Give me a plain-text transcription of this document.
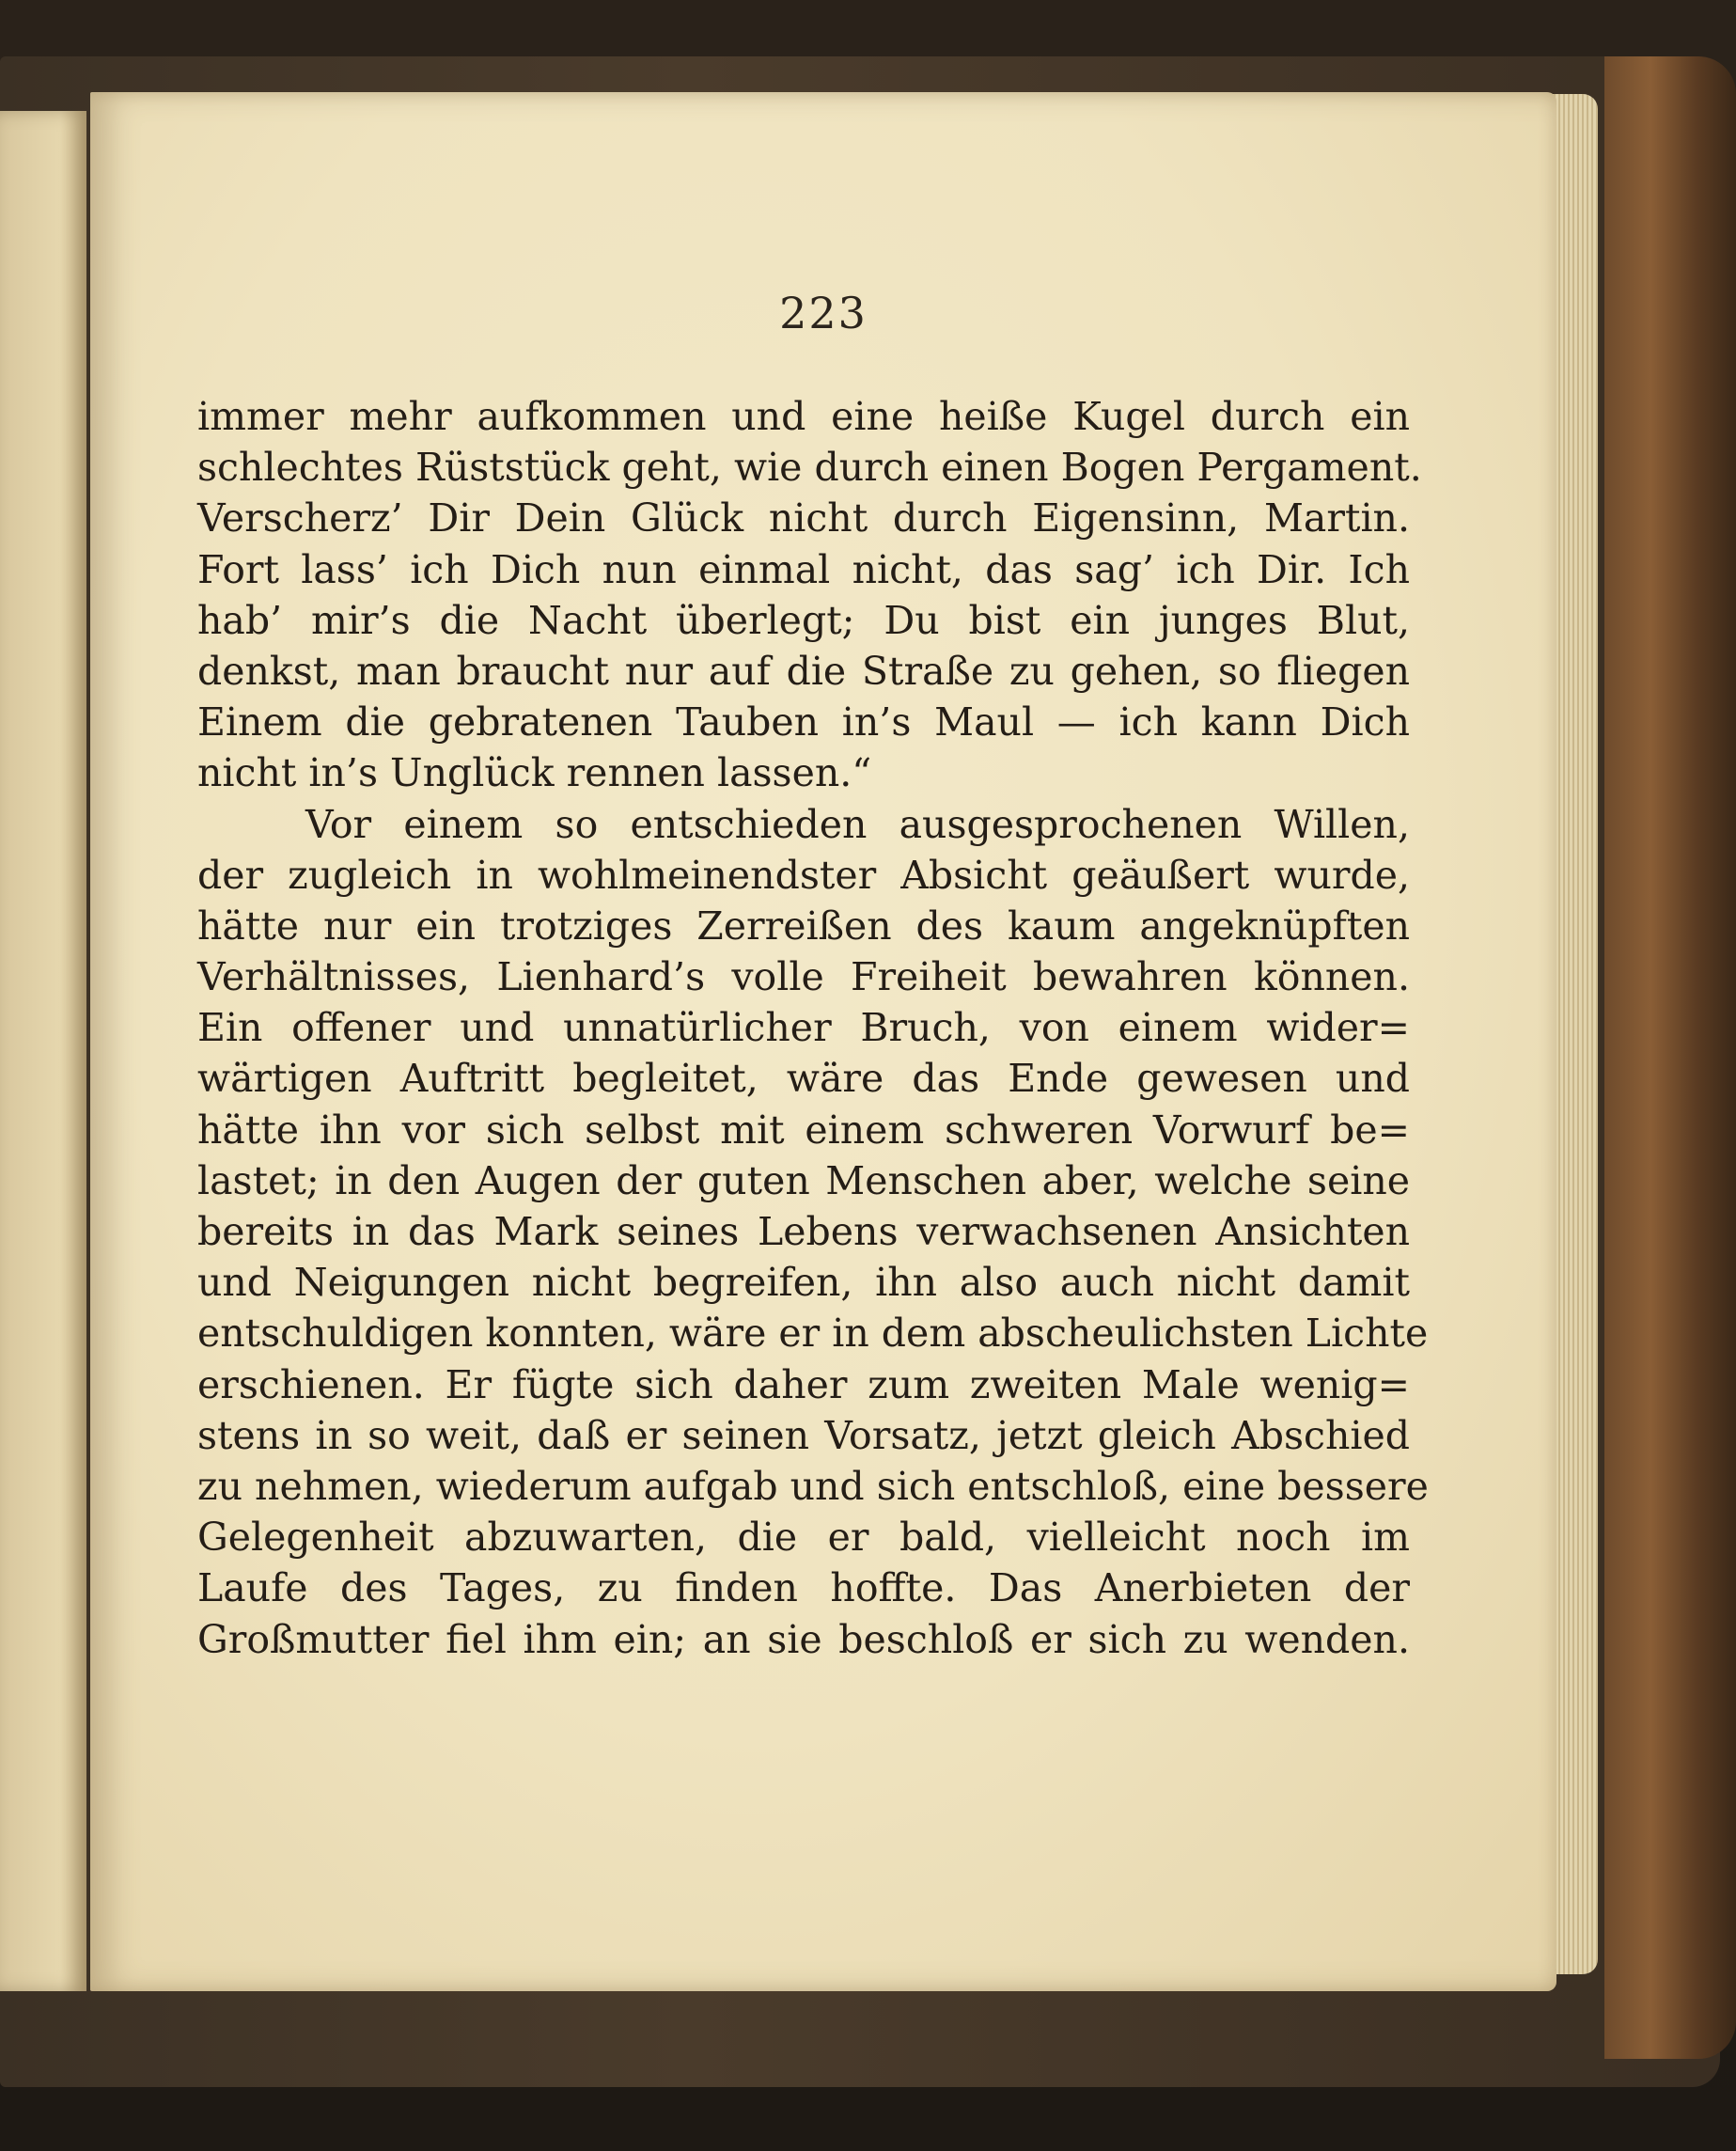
223
immer mehr aufkommen und eine heiße Kugel durch ein
schlechtes Rüststück geht, wie durch einen Bogen Pergament.
Verscherz’ Dir Dein Glück nicht durch Eigensinn, Martin.
Fort lass’ ich Dich nun einmal nicht, das sag’ ich Dir. Ich
hab’ mir’s die Nacht überlegt; Du bist ein junges Blut,
denkst, man braucht nur auf die Straße zu gehen, so fliegen
Einem die gebratenen Tauben in’s Maul — ich kann Dich
nicht in’s Unglück rennen lassen.“
Vor einem so entschieden ausgesprochenen Willen,
der zugleich in wohlmeinendster Absicht geäußert wurde,
hätte nur ein trotziges Zerreißen des kaum angeknüpften
Verhältnisses, Lienhard’s volle Freiheit bewahren können.
Ein offener und unnatürlicher Bruch, von einem wider=
wärtigen Auftritt begleitet, wäre das Ende gewesen und
hätte ihn vor sich selbst mit einem schweren Vorwurf be=
lastet; in den Augen der guten Menschen aber, welche seine
bereits in das Mark seines Lebens verwachsenen Ansichten
und Neigungen nicht begreifen, ihn also auch nicht damit
entschuldigen konnten, wäre er in dem abscheulichsten Lichte
erschienen. Er fügte sich daher zum zweiten Male wenig=
stens in so weit, daß er seinen Vorsatz, jetzt gleich Abschied
zu nehmen, wiederum aufgab und sich entschloß, eine bessere
Gelegenheit abzuwarten, die er bald, vielleicht noch im
Laufe des Tages, zu finden hoffte. Das Anerbieten der
Großmutter fiel ihm ein; an sie beschloß er sich zu wenden.
